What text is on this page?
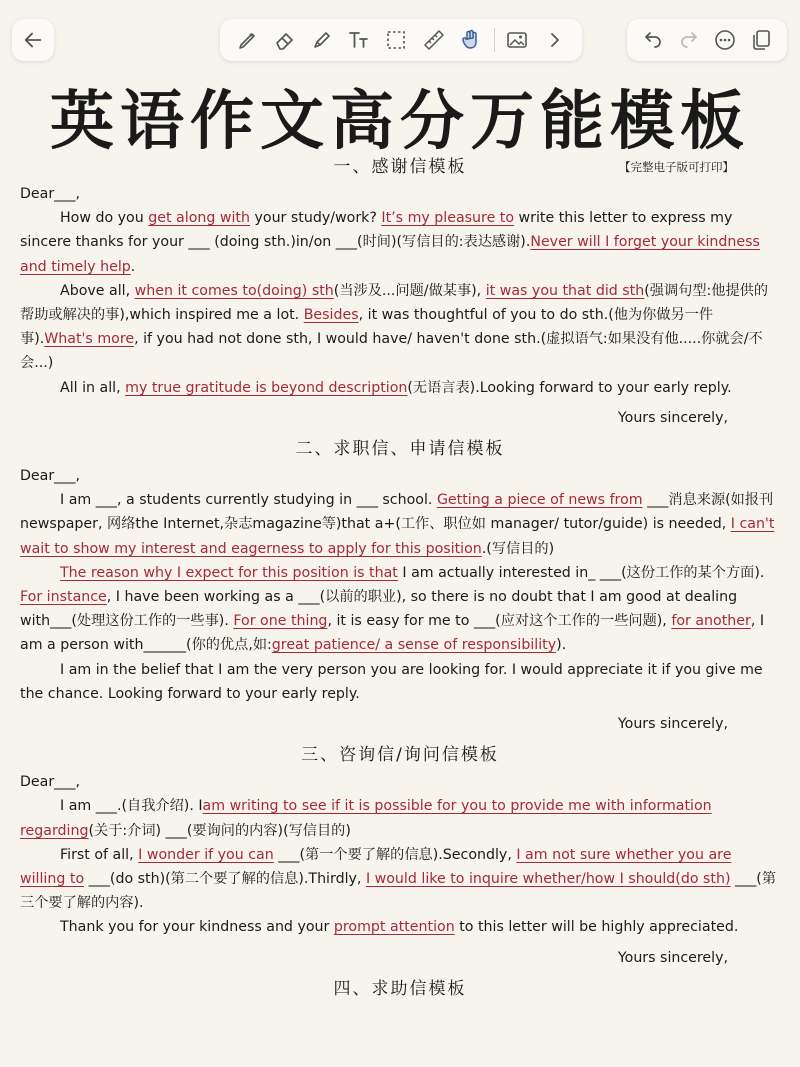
英语作文高分万能模板
一、感谢信模板	【完整电子版可打印】
Dear___,
How do you get along with your study/work? It’s my pleasure to write this letter to express my sincere thanks for your ___ (doing sth.)in/on ___(时间)(写信目的:表达感谢).Never will I forget your kindness and timely help.
Above all, when it comes to(doing) sth(当涉及...问题/做某事), it was you that did sth(强调句型:他提供的帮助或解决的事),which inspired me a lot. Besides, it was thoughtful of you to do sth.(他为你做另一件事).What's more, if you had not done sth, I would have/ haven't done sth.(虚拟语气:如果没有他.....你就会/不会...)
All in all, my true gratitude is beyond description(无语言表).Looking forward to your early reply.
Yours sincerely,
二、求职信、申请信模板
Dear___,
I am ___, a students currently studying in ___ school. Getting a piece of news from ___消息来源(如报刊newspaper, 网络the Internet,杂志magazine等)that a+(工作、职位如 manager/ tutor/guide) is needed, I can't wait to show my interest and eagerness to apply for this position.(写信目的)
The reason why I expect for this position is that I am actually interested in_ ___(这份工作的某个方面). For instance, I have been working as a ___(以前的职业), so there is no doubt that I am good at dealing with___(处理这份工作的一些事). For one thing, it is easy for me to ___(应对这个工作的一些问题), for another, I am a person with______(你的优点,如:great patience/ a sense of responsibility).
I am in the belief that I am the very person you are looking for. I would appreciate it if you give me the chance. Looking forward to your early reply.
Yours sincerely,
三、咨询信/询问信模板
Dear___,
I am ___.(自我介绍). Iam writing to see if it is possible for you to provide me with information regarding(关于:介词) ___(要询问的内容)(写信目的)
First of all, I wonder if you can ___(第一个要了解的信息).Secondly, I am not sure whether you are willing to ___(do sth)(第二个要了解的信息).Thirdly, I would like to inquire whether/how I should(do sth) ___(第三个要了解的内容).
Thank you for your kindness and your prompt attention to this letter will be highly appreciated.
Yours sincerely,
四、求助信模板
